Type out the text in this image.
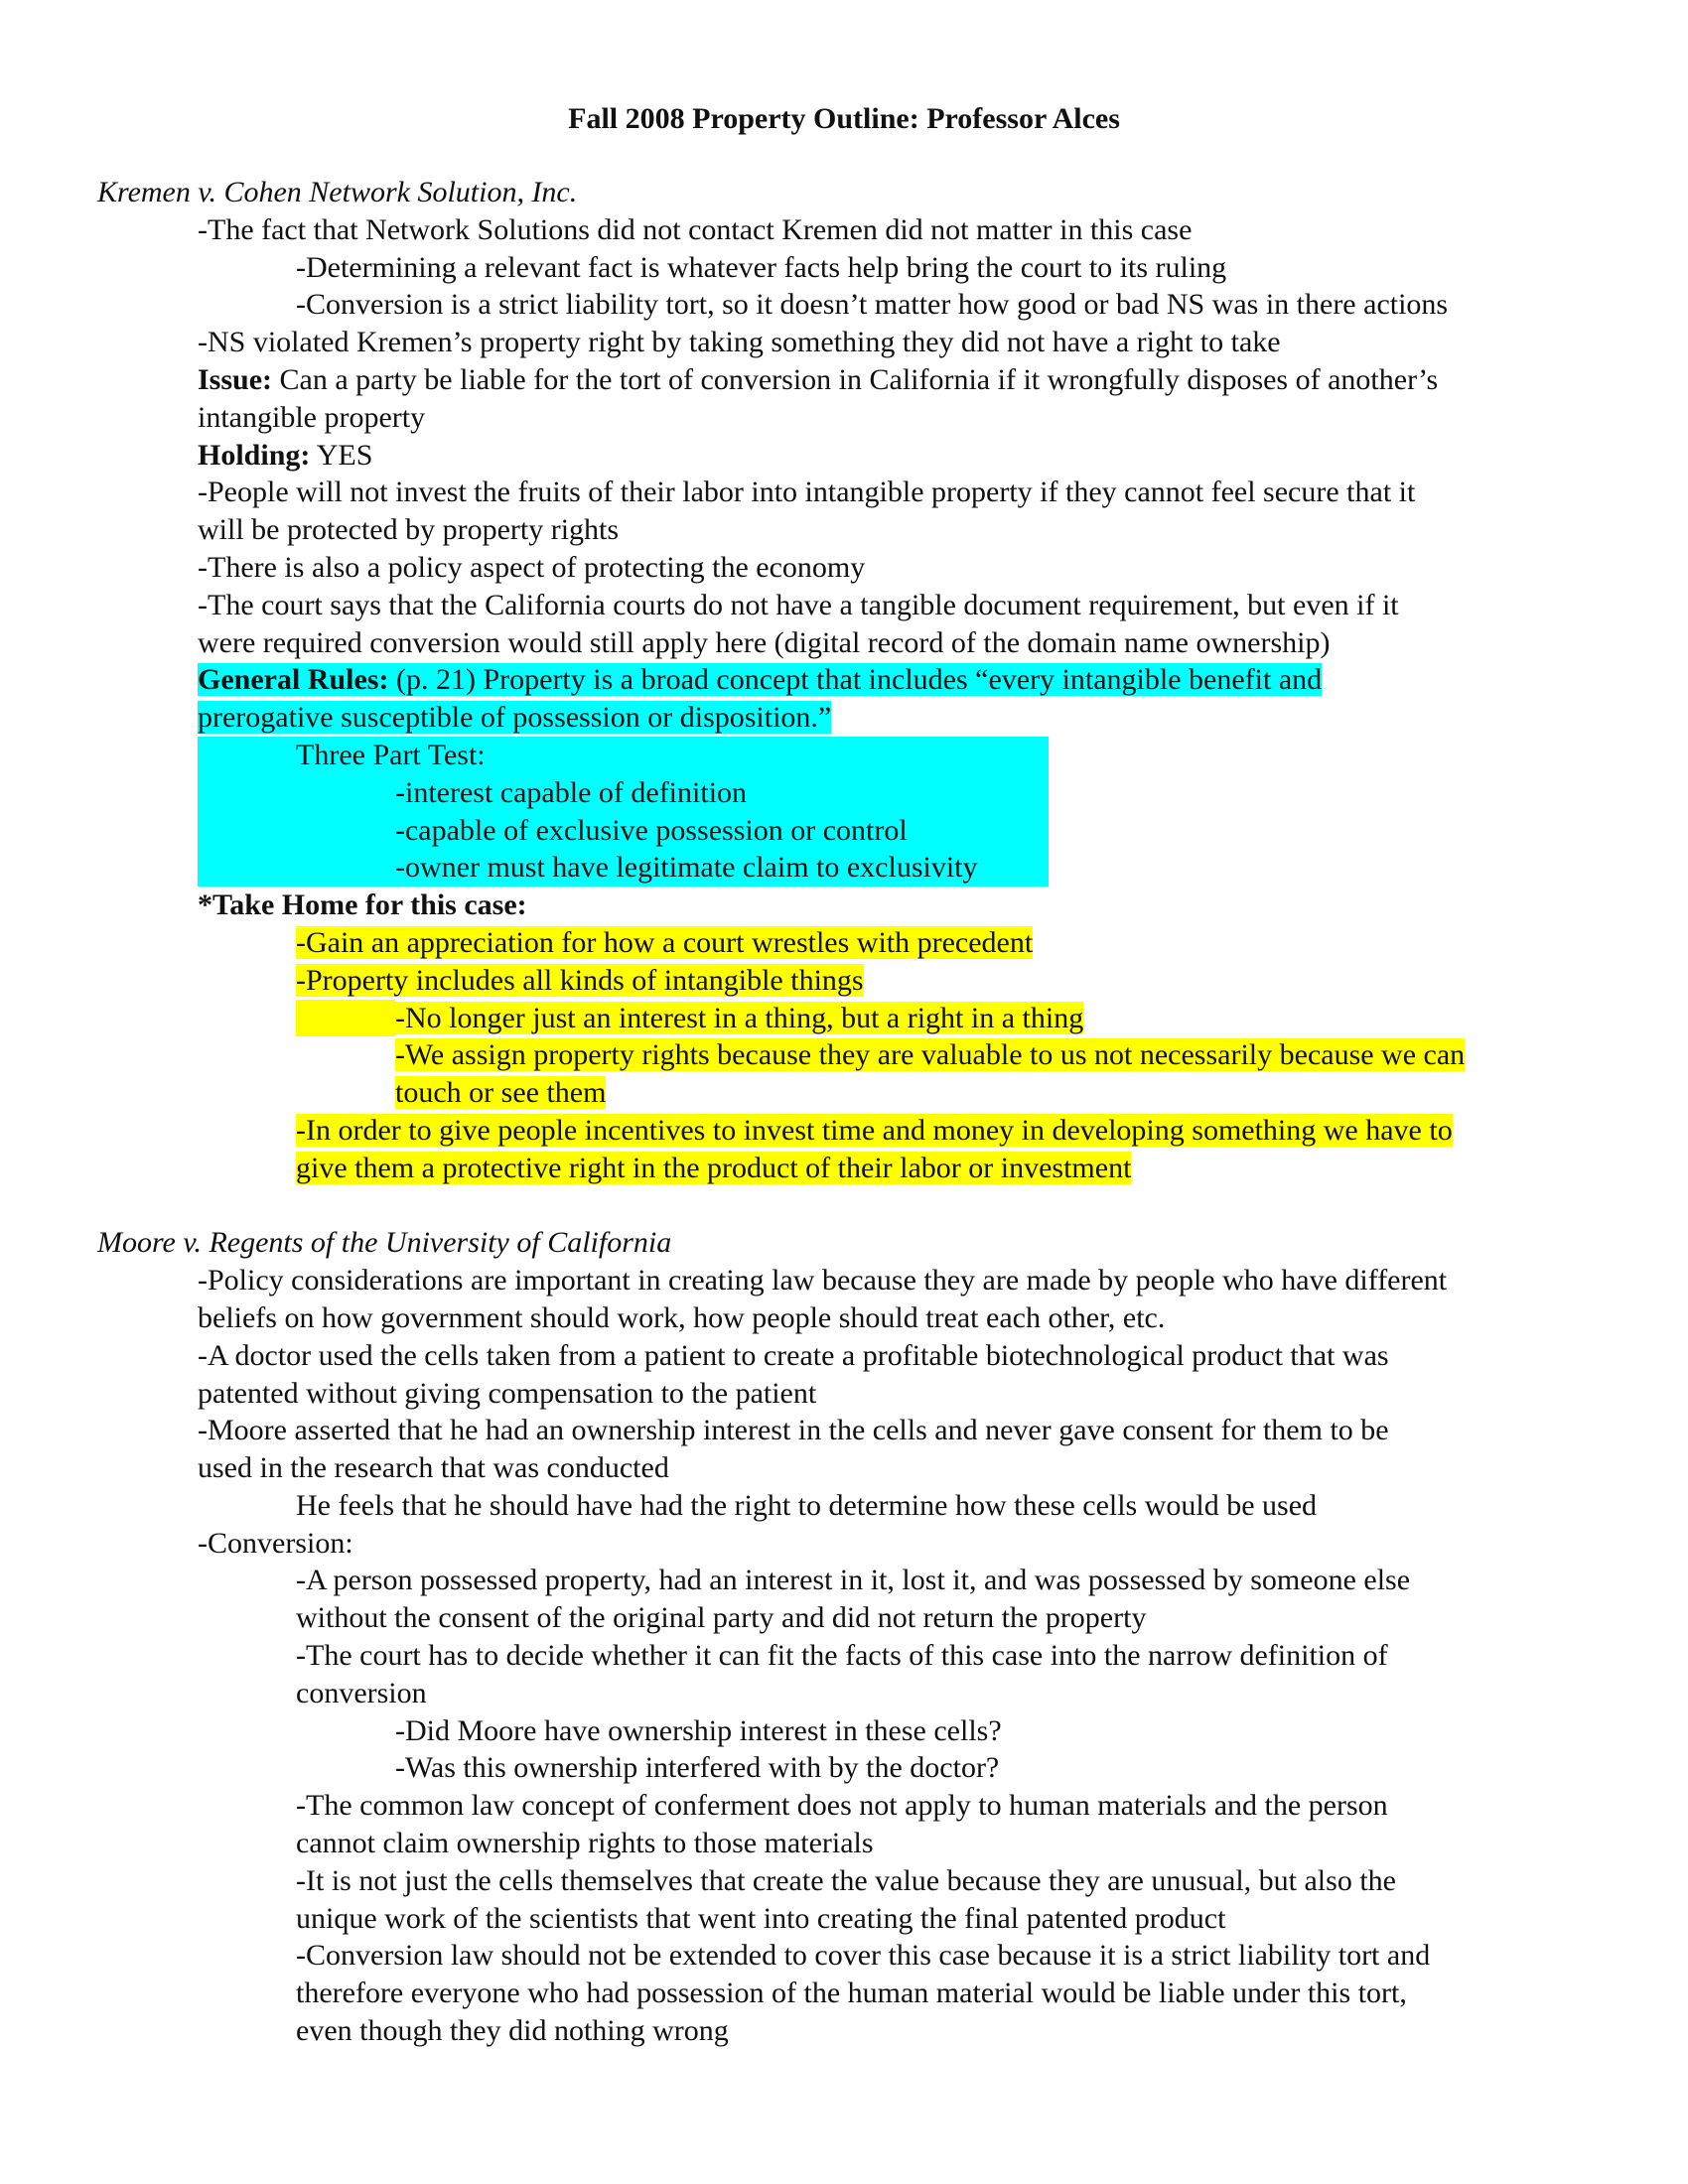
Fall 2008 Property Outline: Professor Alces
Kremen v. Cohen Network Solution, Inc.
-The fact that Network Solutions did not contact Kremen did not matter in this case
-Determining a relevant fact is whatever facts help bring the court to its ruling
-Conversion is a strict liability tort, so it doesn’t matter how good or bad NS was in there actions
-NS violated Kremen’s property right by taking something they did not have a right to take
Issue: Can a party be liable for the tort of conversion in California if it wrongfully disposes of another’s
intangible property
Holding: YES
-People will not invest the fruits of their labor into intangible property if they cannot feel secure that it
will be protected by property rights
-There is also a policy aspect of protecting the economy
-The court says that the California courts do not have a tangible document requirement, but even if it
were required conversion would still apply here (digital record of the domain name ownership)
General Rules: (p. 21) Property is a broad concept that includes “every intangible benefit and
prerogative susceptible of possession or disposition.”
Three Part Test:
-interest capable of definition
-capable of exclusive possession or control
-owner must have legitimate claim to exclusivity
*Take Home for this case:
-Gain an appreciation for how a court wrestles with precedent
-Property includes all kinds of intangible things
-No longer just an interest in a thing, but a right in a thing
-We assign property rights because they are valuable to us not necessarily because we can
touch or see them
-In order to give people incentives to invest time and money in developing something we have to
give them a protective right in the product of their labor or investment
Moore v. Regents of the University of California
-Policy considerations are important in creating law because they are made by people who have different
beliefs on how government should work, how people should treat each other, etc.
-A doctor used the cells taken from a patient to create a profitable biotechnological product that was
patented without giving compensation to the patient
-Moore asserted that he had an ownership interest in the cells and never gave consent for them to be
used in the research that was conducted
He feels that he should have had the right to determine how these cells would be used
-Conversion:
-A person possessed property, had an interest in it, lost it, and was possessed by someone else
without the consent of the original party and did not return the property
-The court has to decide whether it can fit the facts of this case into the narrow definition of
conversion
-Did Moore have ownership interest in these cells?
-Was this ownership interfered with by the doctor?
-The common law concept of conferment does not apply to human materials and the person
cannot claim ownership rights to those materials
-It is not just the cells themselves that create the value because they are unusual, but also the
unique work of the scientists that went into creating the final patented product
-Conversion law should not be extended to cover this case because it is a strict liability tort and
therefore everyone who had possession of the human material would be liable under this tort,
even though they did nothing wrong
